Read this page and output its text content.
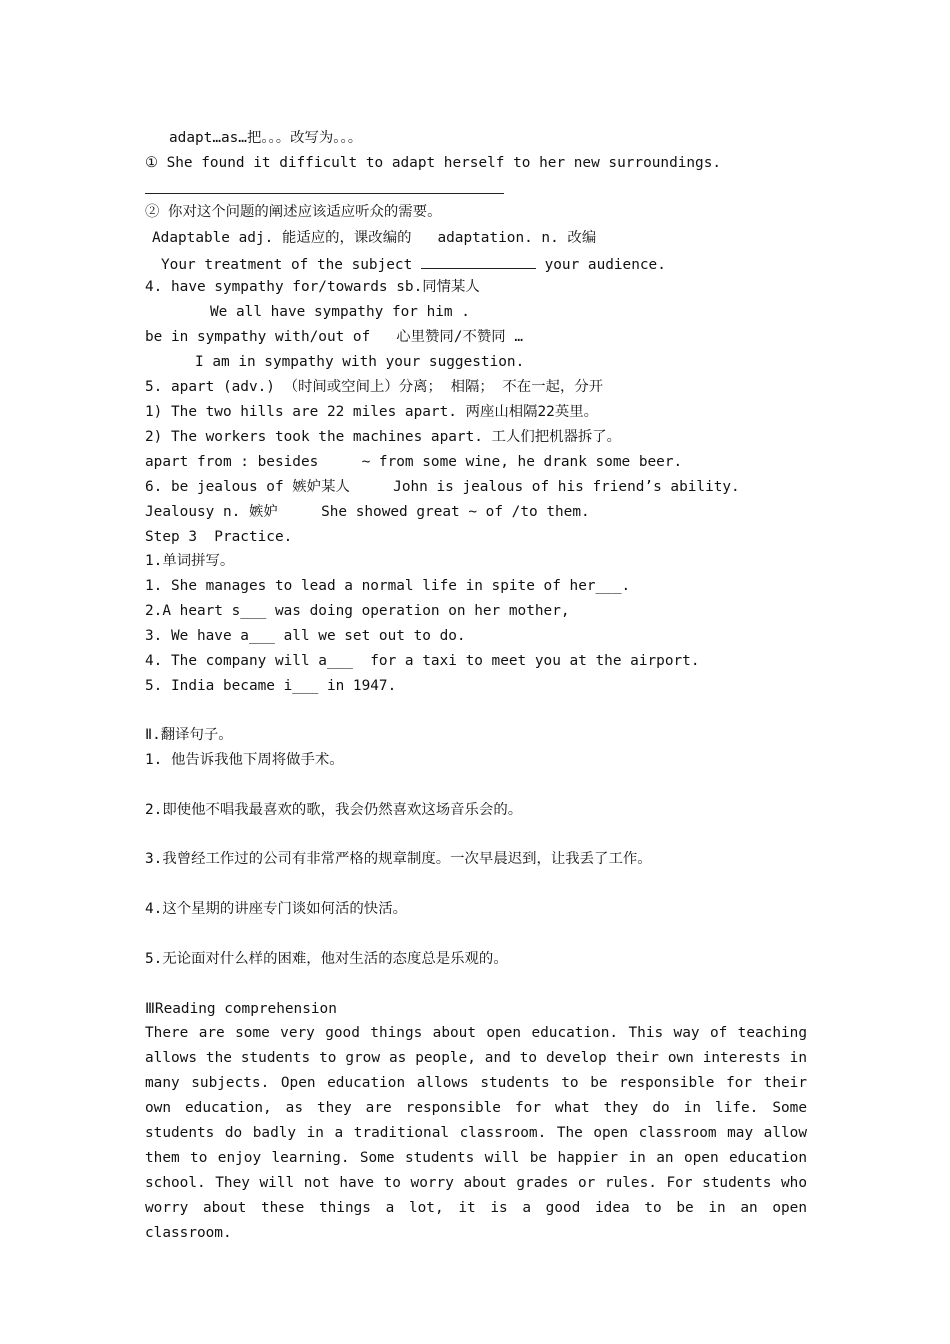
adapt…as…把。。。改写为。。。
① She found it difficult to adapt herself to her new surroundings.
② 你对这个问题的阐述应该适应听众的需要。
Adaptable adj. 能适应的，课改编的   adaptation. n. 改编
Your treatment of the subject	your audience.
4. have sympathy for/towards sb.同情某人
We all have sympathy for him .
be in sympathy with/out of   心里赞同/不赞同 …
I am in sympathy with your suggestion.
5. apart (adv.) （时间或空间上）分离； 相隔； 不在一起，分开
1) The two hills are 22 miles apart. 两座山相隔22英里。
2) The workers took the machines apart. 工人们把机器拆了。
apart from : besides     ~ from some wine, he drank some beer.
6. be jealous of 嫉妒某人     John is jealous of his friend’s ability.
Jealousy n. 嫉妒     She showed great ~ of /to them.
Step 3  Practice.
1.单词拼写。
1. She manages to lead a normal life in spite of her___.
2.A heart s___ was doing operation on her mother,
3. We have a___ all we set out to do.
4. The company will a___  for a taxi to meet you at the airport.
5. India became i___ in 1947.
Ⅱ.翻译句子。
1. 他告诉我他下周将做手术。
2.即使他不唱我最喜欢的歌，我会仍然喜欢这场音乐会的。
3.我曾经工作过的公司有非常严格的规章制度。一次早晨迟到，让我丢了工作。
4.这个星期的讲座专门谈如何活的快活。
5.无论面对什么样的困难，他对生活的态度总是乐观的。
ⅢReading comprehension
There are some very good things about open education. This way of teaching allows the students to grow as people, and to develop their own interests in many subjects. Open education allows students to be responsible for their own education, as they are responsible for what they do in life. Some students do badly in a traditional classroom. The open classroom may allow them to enjoy learning. Some students will be happier in an open education school. They will not have to worry about grades or rules. For students who worry about these things a lot, it is a good idea to be in an open classroom.
